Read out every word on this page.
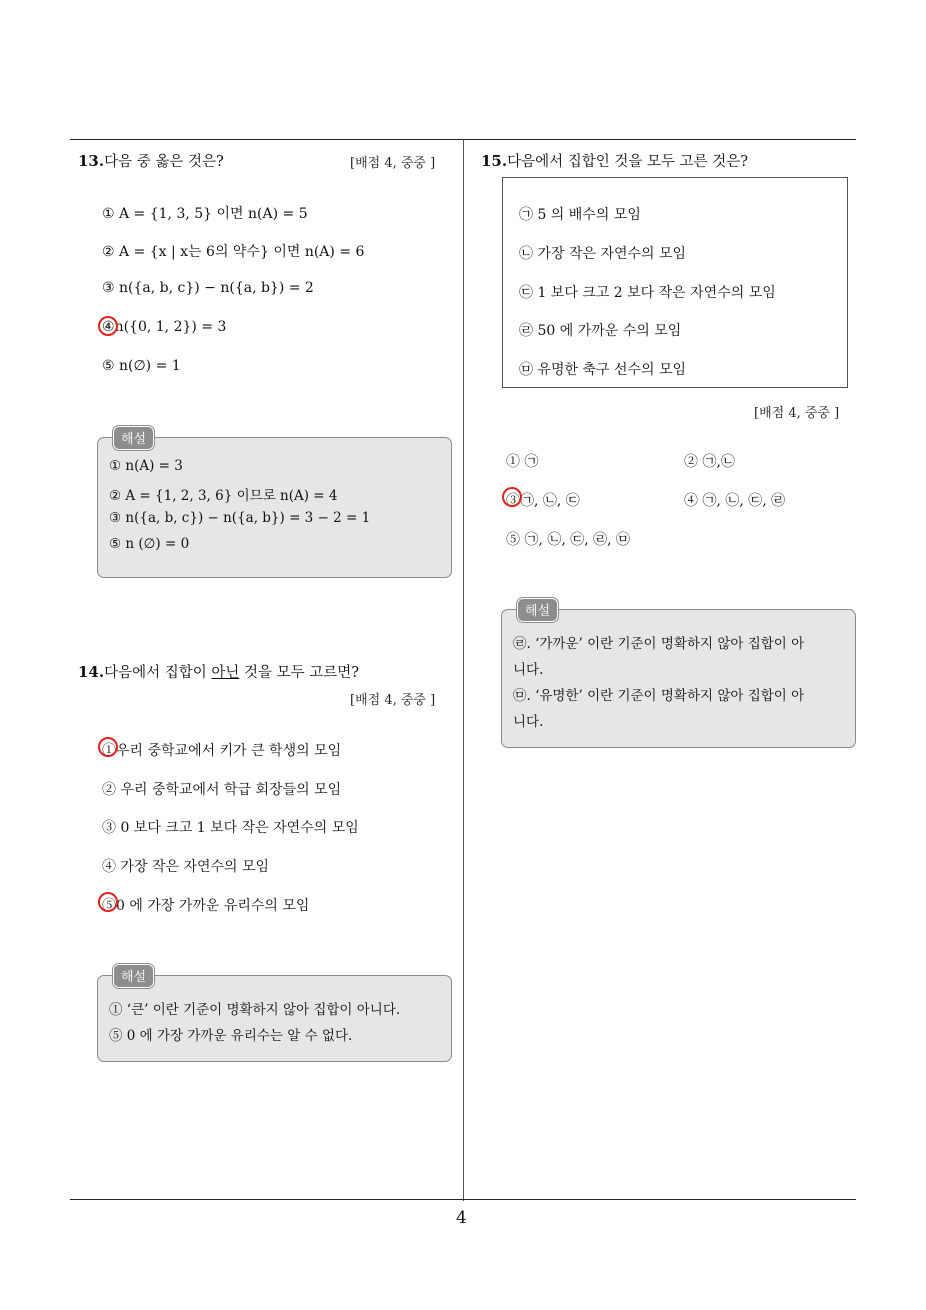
4
13.다음 중 옳은 것은?	[배점 4, 중중 ]
① A = {1, 3, 5} 이면 n(A) = 5
② A = {x | x는 6의 약수} 이면 n(A) = 6
③ n({a, b, c}) − n({a, b}) = 2
④n({0, 1, 2}) = 3
⑤ n(∅) = 1
① n(A) = 3
② A = {1, 2, 3, 6} 이므로 n(A) = 4
③ n({a, b, c}) − n({a, b}) = 3 − 2 = 1
⑤ n (∅) = 0
해설
14.다음에서 집합이 아닌 것을 모두 고르면?
[배점 4, 중중 ]
①우리 중학교에서 키가 큰 학생의 모임
② 우리 중학교에서 학급 회장들의 모임
③ 0 보다 크고 1 보다 작은 자연수의 모임
④ 가장 작은 자연수의 모임
⑤0 에 가장 가까운 유리수의 모임
① ‘큰’ 이란 기준이 명확하지 않아 집합이 아니다.
⑤ 0 에 가장 가까운 유리수는 알 수 없다.
해설
15.다음에서 집합인 것을 모두 고른 것은?
㉠ 5 의 배수의 모임
㉡ 가장 작은 자연수의 모임
㉢ 1 보다 크고 2 보다 작은 자연수의 모임
㉣ 50 에 가까운 수의 모임
㉤ 유명한 축구 선수의 모임
[배점 4, 중중 ]
① ㉠	② ㉠,㉡
③㉠, ㉡, ㉢	④ ㉠, ㉡, ㉢, ㉣
⑤ ㉠, ㉡, ㉢, ㉣, ㉤
㉣. ‘가까운’ 이란 기준이 명확하지 않아 집합이 아
니다.
㉤. ‘유명한’ 이란 기준이 명확하지 않아 집합이 아
니다.
해설
